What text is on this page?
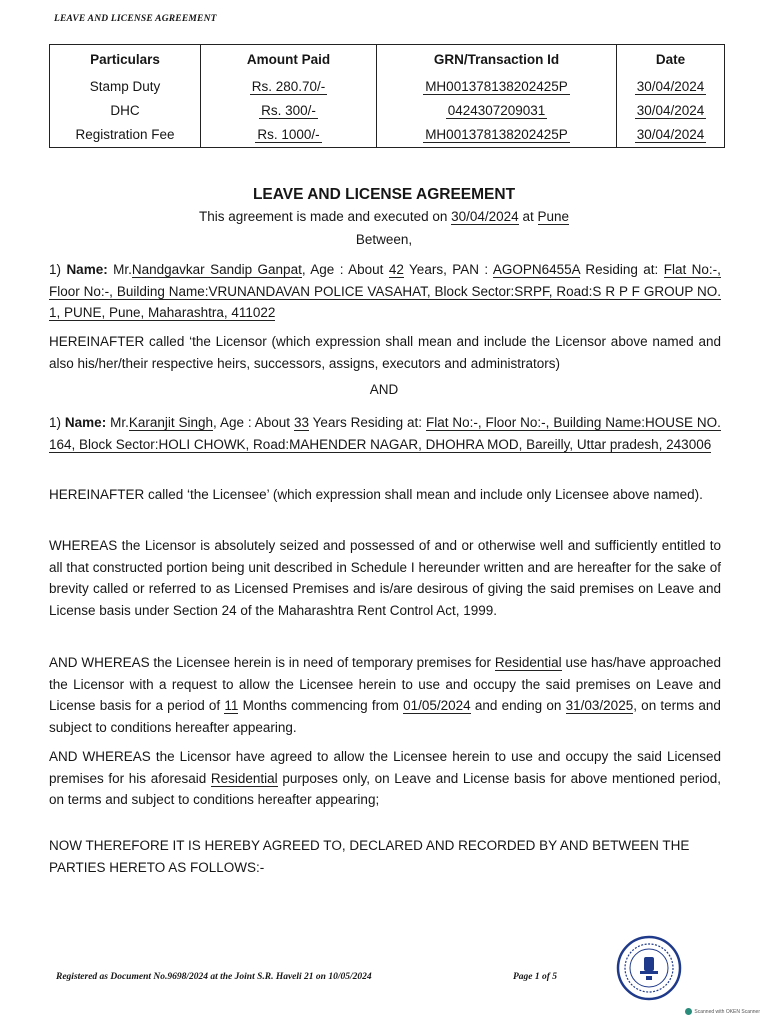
LEAVE AND LICENSE AGREEMENT
Particulars	Amount Paid	GRN/Transaction Id	Date
Stamp Duty	Rs. 280.70/-	MH001378138202425P	30/04/2024
DHC	Rs. 300/-	0424307209031	30/04/2024
Registration Fee	Rs. 1000/-	MH001378138202425P	30/04/2024
LEAVE AND LICENSE AGREEMENT
This agreement is made and executed on 30/04/2024 at Pune
Between,
1) Name: Mr.Nandgavkar Sandip Ganpat, Age : About 42 Years, PAN : AGOPN6455A Residing at: Flat No:-, Floor No:-, Building Name:VRUNANDAVAN POLICE VASAHAT, Block Sector:SRPF, Road:S R P F GROUP NO. 1, PUNE, Pune, Maharashtra, 411022
HEREINAFTER called ‘the Licensor (which expression shall mean and include the Licensor above named and also his/her/their respective heirs, successors, assigns, executors and administrators)
AND
1) Name: Mr.Karanjit Singh, Age : About 33 Years Residing at: Flat No:-, Floor No:-, Building Name:HOUSE NO. 164, Block Sector:HOLI CHOWK, Road:MAHENDER NAGAR, DHOHRA MOD, Bareilly, Uttar pradesh, 243006
HEREINAFTER called ‘the Licensee’ (which expression shall mean and include only Licensee above named).
WHEREAS the Licensor is absolutely seized and possessed of and or otherwise well and sufficiently entitled to all that constructed portion being unit described in Schedule I hereunder written and are hereafter for the sake of brevity called or referred to as Licensed Premises and is/are desirous of giving the said premises on Leave and License basis under Section 24 of the Maharashtra Rent Control Act, 1999.
AND WHEREAS the Licensee herein is in need of temporary premises for Residential use has/have approached the Licensor with a request to allow the Licensee herein to use and occupy the said premises on Leave and License basis for a period of 11 Months commencing from 01/05/2024 and ending on 31/03/2025, on terms and subject to conditions hereafter appearing.
AND WHEREAS the Licensor have agreed to allow the Licensee herein to use and occupy the said Licensed premises for his aforesaid Residential purposes only, on Leave and License basis for above mentioned period, on terms and subject to conditions hereafter appearing;
NOW THEREFORE IT IS HEREBY AGREED TO, DECLARED AND RECORDED BY AND BETWEEN THE PARTIES HERETO AS FOLLOWS:-
Registered as Document No.9698/2024 at the Joint S.R. Haveli 21 on 10/05/2024	Page 1 of 5
Scanned with OKEN Scanner
